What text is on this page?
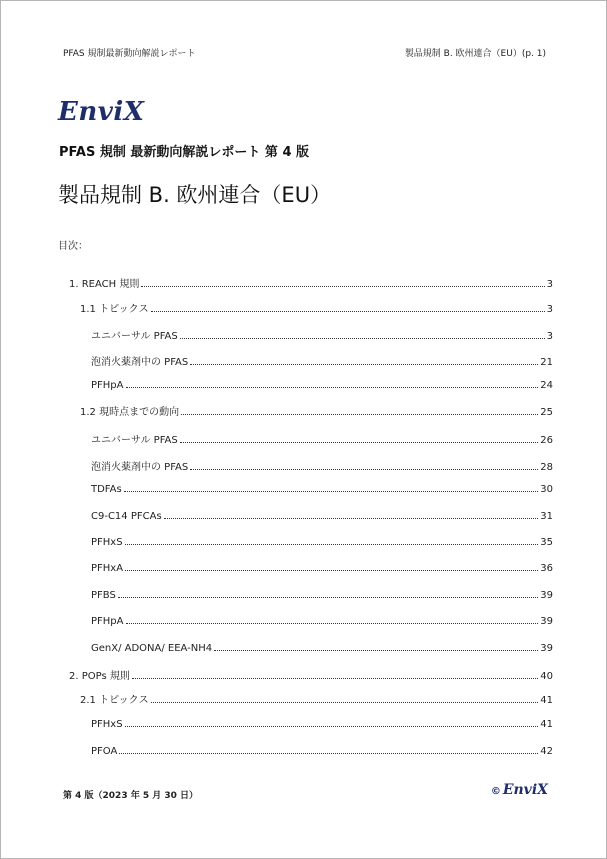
PFAS 規制最新動向解説レポート	製品規制 B. 欧州連合（EU）(p. 1)
EnviX
PFAS 規制 最新動向解説レポート 第 4 版
製品規制 B. 欧州連合（EU）
目次：
1. REACH 規則	3
1.1 トピックス	3
ユニバーサル PFAS	3
泡消火薬剤中の PFAS	21
PFHpA	24
1.2 現時点までの動向	25
ユニバーサル PFAS	26
泡消火薬剤中の PFAS	28
TDFAs	30
C9-C14 PFCAs	31
PFHxS	35
PFHxA	36
PFBS	39
PFHpA	39
GenX/ ADONA/ EEA-NH4	39
2. POPs 規則	40
2.1 トピックス	41
PFHxS	41
PFOA	42
第 4 版（2023 年 5 月 30 日）	© EnviX
